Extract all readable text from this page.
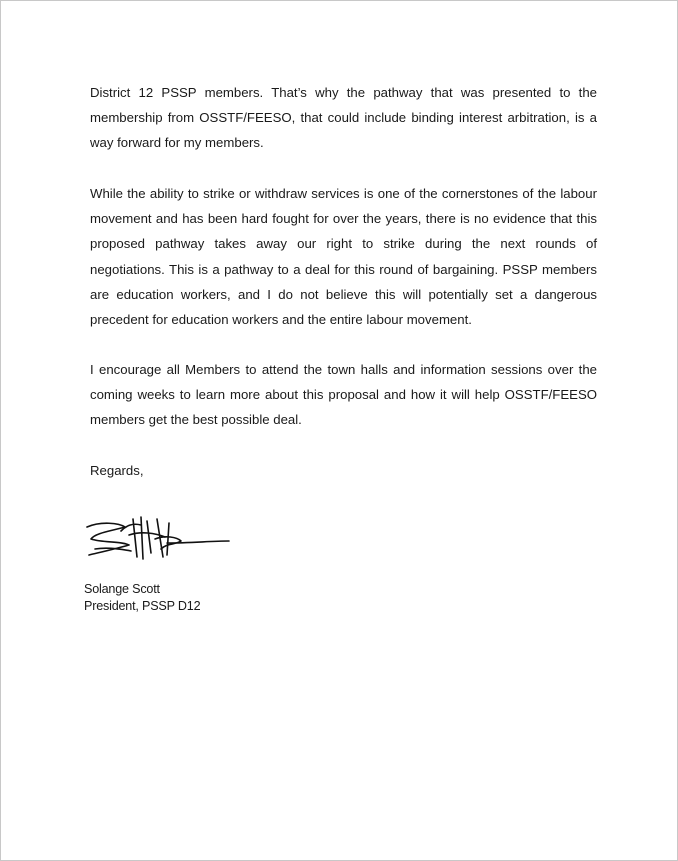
District 12 PSSP members. That’s why the pathway that was presented to the membership from OSSTF/FEESO, that could include binding interest arbitration, is a way forward for my members.

While the ability to strike or withdraw services is one of the cornerstones of the labour movement and has been hard fought for over the years, there is no evidence that this proposed pathway takes away our right to strike during the next rounds of negotiations. This is a pathway to a deal for this round of bargaining. PSSP members are education workers, and I do not believe this will potentially set a dangerous precedent for education workers and the entire labour movement.

I encourage all Members to attend the town halls and information sessions over the coming weeks to learn more about this proposal and how it will help OSSTF/FEESO members get the best possible deal.

Regards,

Solange Scott
President, PSSP D12
